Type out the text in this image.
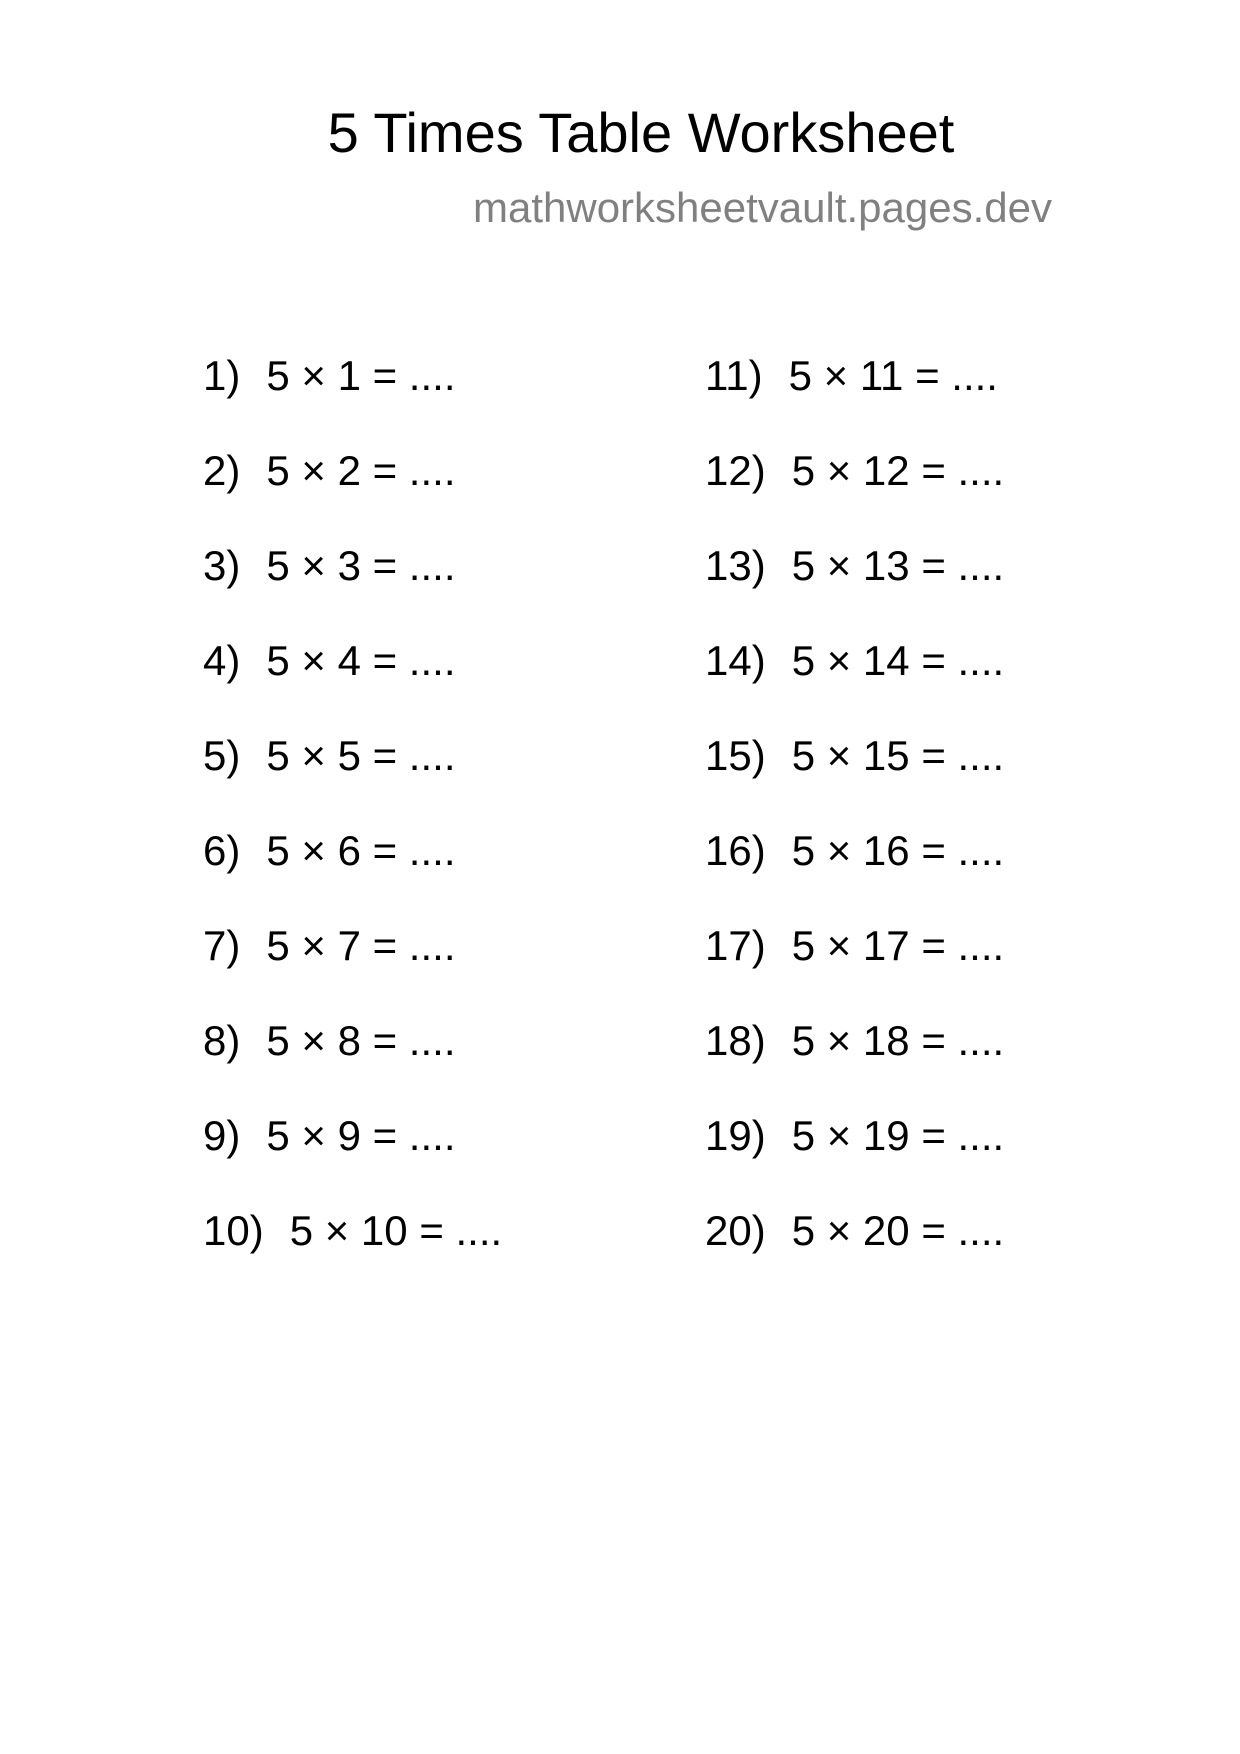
5 Times Table Worksheet
mathworksheetvault.pages.dev
1) 5 × 1 = ....
2) 5 × 2 = ....
3) 5 × 3 = ....
4) 5 × 4 = ....
5) 5 × 5 = ....
6) 5 × 6 = ....
7) 5 × 7 = ....
8) 5 × 8 = ....
9) 5 × 9 = ....
10) 5 × 10 = ....
11) 5 × 11 = ....
12) 5 × 12 = ....
13) 5 × 13 = ....
14) 5 × 14 = ....
15) 5 × 15 = ....
16) 5 × 16 = ....
17) 5 × 17 = ....
18) 5 × 18 = ....
19) 5 × 19 = ....
20) 5 × 20 = ....
